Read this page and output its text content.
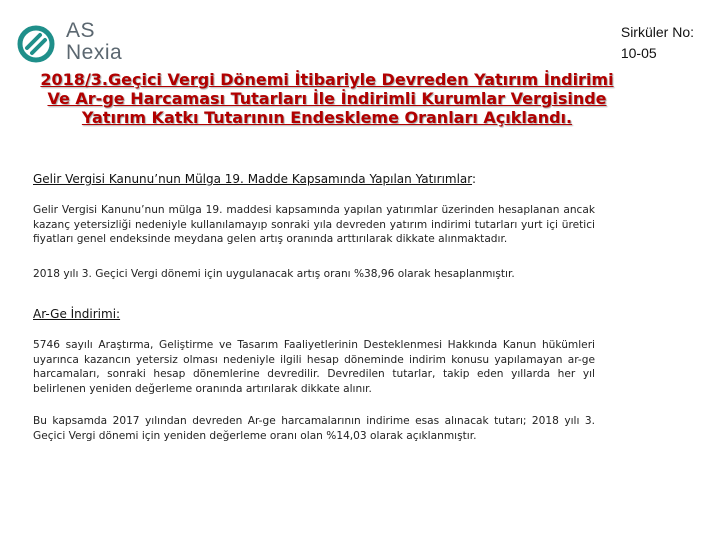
AS
Nexia
Sirküler No:
10-05
2018/3.Geçici Vergi Dönemi İtibariyle Devreden Yatırım İndirimi Ve Ar-ge Harcaması Tutarları İle İndirimli Kurumlar Vergisinde Yatırım Katkı Tutarının Endeskleme Oranları Açıklandı.

Gelir Vergisi Kanunu’nun Mülga 19. Madde Kapsamında Yapılan Yatırımlar:

Gelir Vergisi Kanunu’nun mülga 19. maddesi kapsamında yapılan yatırımlar üzerinden hesaplanan ancak kazanç yetersizliği nedeniyle kullanılamayıp sonraki yıla devreden yatırım indirimi tutarları yurt içi üretici fiyatları genel endeksinde meydana gelen artış oranında arttırılarak dikkate alınmaktadır.

2018 yılı 3. Geçici Vergi dönemi için uygulanacak artış oranı %38,96 olarak hesaplanmıştır.

Ar-Ge İndirimi:

5746 sayılı Araştırma, Geliştirme ve Tasarım Faaliyetlerinin Desteklenmesi Hakkında Kanun hükümleri uyarınca kazancın yetersiz olması nedeniyle ilgili hesap döneminde indirim konusu yapılamayan ar-ge harcamaları, sonraki hesap dönemlerine devredilir. Devredilen tutarlar, takip eden yıllarda her yıl belirlenen yeniden değerleme oranında artırılarak dikkate alınır.

Bu kapsamda 2017 yılından devreden Ar-ge harcamalarının indirime esas alınacak tutarı; 2018 yılı 3. Geçici Vergi dönemi için yeniden değerleme oranı olan %14,03 olarak açıklanmıştır.
